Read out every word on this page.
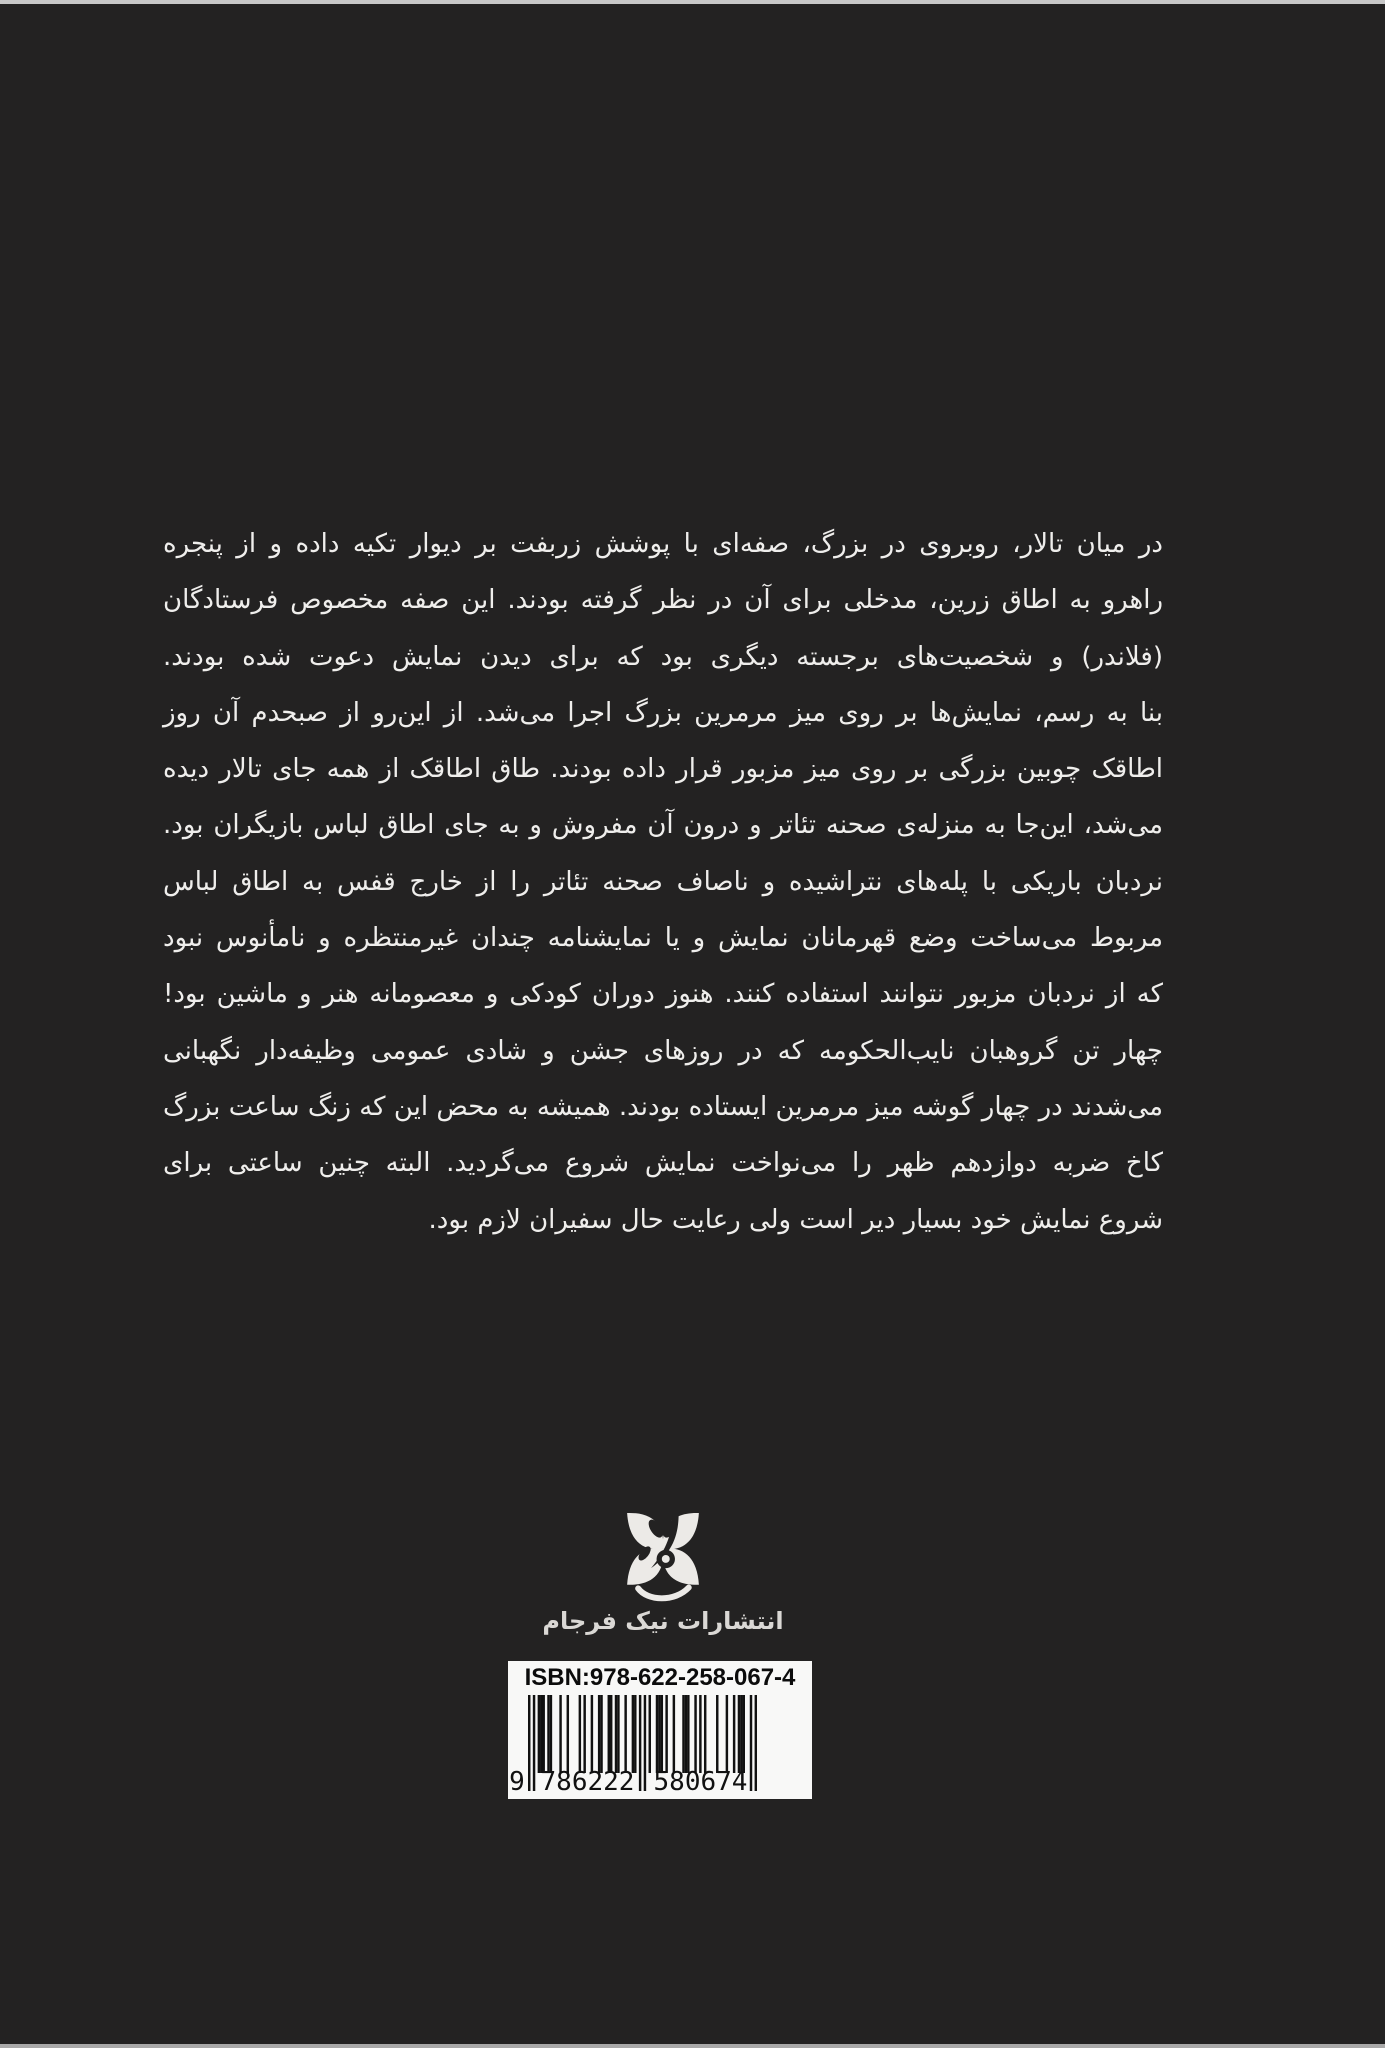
در میان تالار، روبروی در بزرگ، صفه‌ای با پوشش زربفت بر دیوار تکیه داده و از پنجره
راهرو به اطاق زرین، مدخلی برای آن در نظر گرفته بودند. این صفه مخصوص فرستادگان
(فلاندر) و شخصیت‌های برجسته دیگری بود که برای دیدن نمایش دعوت شده بودند.
بنا به رسم، نمایش‌ها بر روی میز مرمرین بزرگ اجرا می‌شد. از این‌رو از صبحدم آن روز
اطاقک چوبین بزرگی بر روی میز مزبور قرار داده بودند. طاق اطاقک از همه جای تالار دیده
می‌شد، این‌جا به منزله‌ی صحنه تئاتر و درون آن مفروش و به جای اطاق لباس بازیگران بود.
نردبان باریکی با پله‌های نتراشیده و ناصاف صحنه تئاتر را از خارج قفس به اطاق لباس
مربوط می‌ساخت وضع قهرمانان نمایش و یا نمایشنامه چندان غیرمنتظره و نامأنوس نبود
که از نردبان مزبور نتوانند استفاده کنند. هنوز دوران کودکی و معصومانه هنر و ماشین بود!
چهار تن گروهبان نایب‌الحکومه که در روزهای جشن و شادی عمومی وظیفه‌دار نگهبانی
می‌شدند در چهار گوشه میز مرمرین ایستاده بودند. همیشه به محض این که زنگ ساعت بزرگ
کاخ ضربه دوازدهم ظهر را می‌نواخت نمایش شروع می‌گردید. البته چنین ساعتی برای
شروع نمایش خود بسیار دیر است ولی رعایت حال سفیران لازم بود.
انتشارات نیک فرجام
ISBN:978-622-258-067-4
9 786222 580674
